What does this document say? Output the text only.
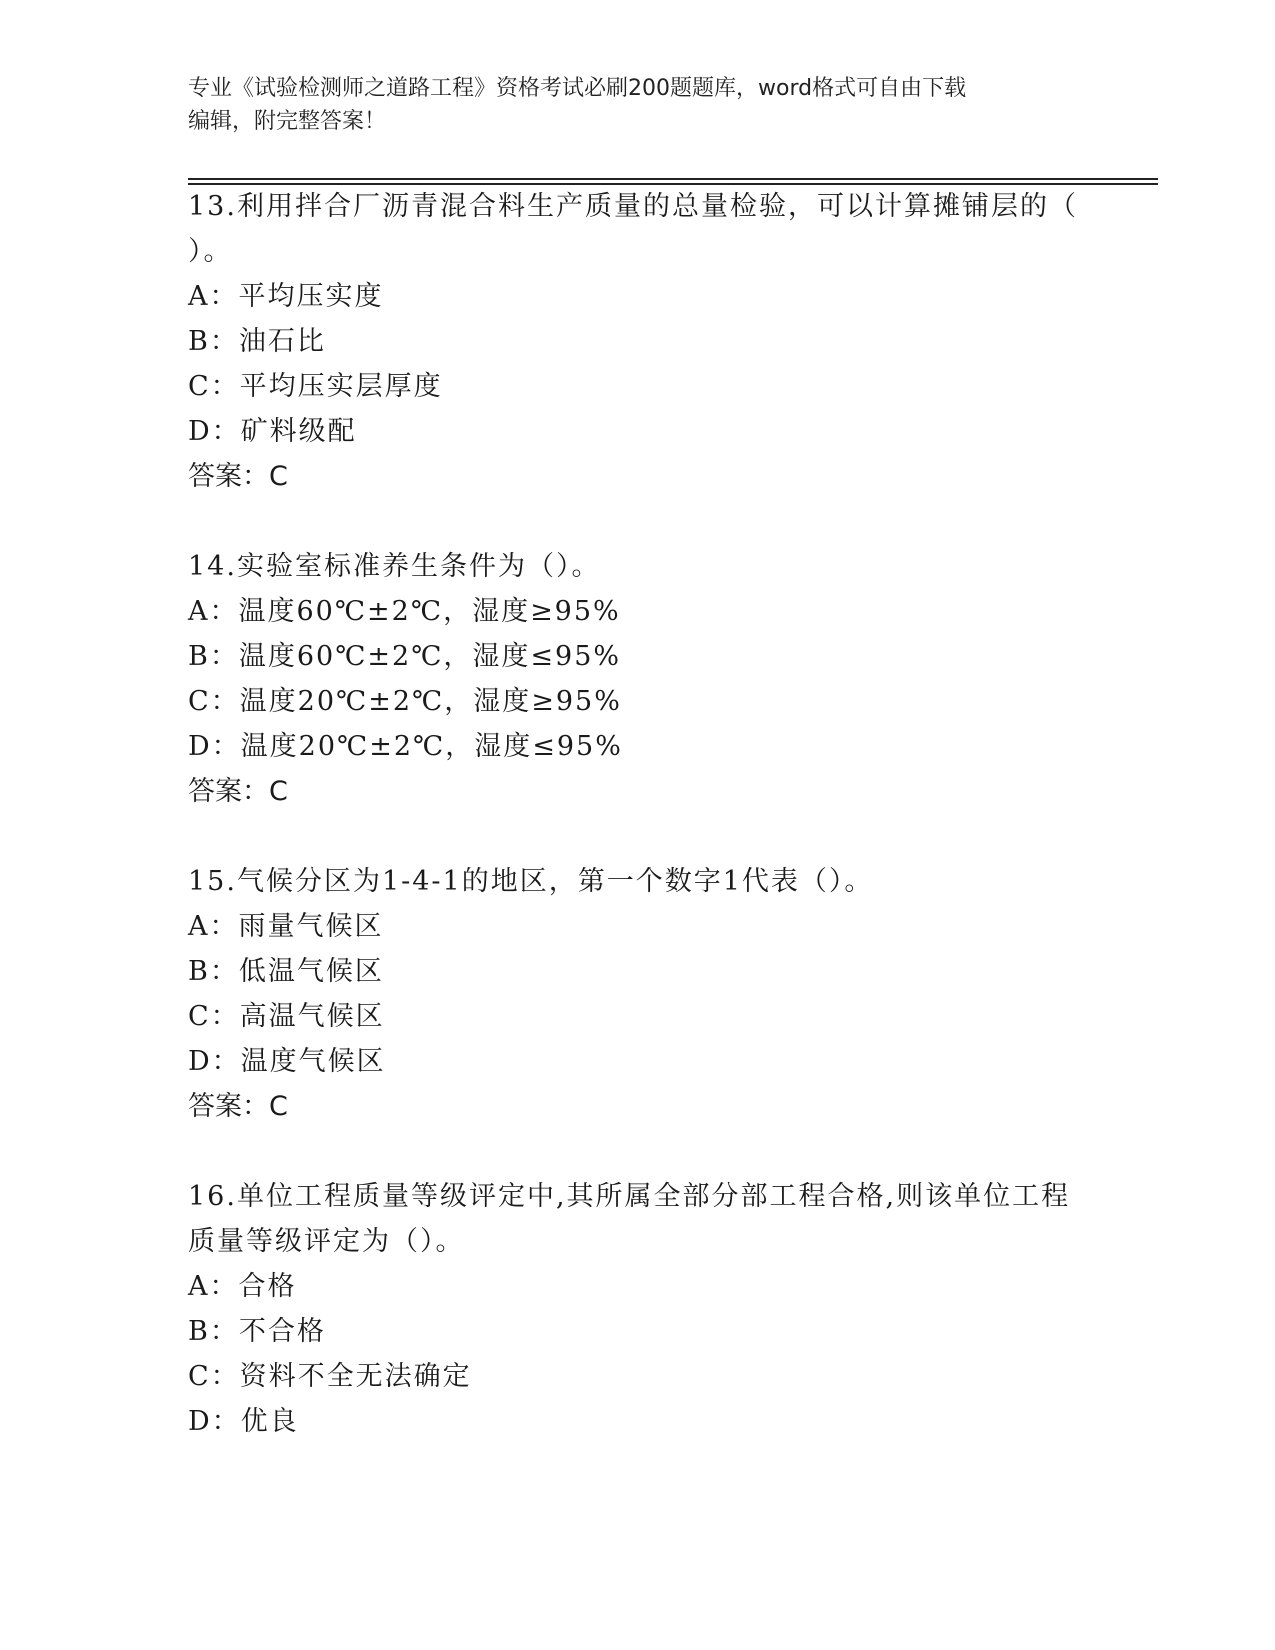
专业《试验检测师之道路工程》资格考试必刷200题题库，word格式可自由下载
编辑，附完整答案！
13.利用拌合厂沥青混合料生产质量的总量检验，可以计算摊铺层的（
）。
A：平均压实度
B：油石比
C：平均压实层厚度
D：矿料级配
答案：C
14.实验室标准养生条件为（）。
A：温度60℃±2℃，湿度≥95%
B：温度60℃±2℃，湿度≤95%
C：温度20℃±2℃，湿度≥95%
D：温度20℃±2℃，湿度≤95%
答案：C
15.气候分区为1-4-1的地区，第一个数字1代表（）。
A：雨量气候区
B：低温气候区
C：高温气候区
D：温度气候区
答案：C
16.单位工程质量等级评定中,其所属全部分部工程合格,则该单位工程
质量等级评定为（）。
A：合格
B：不合格
C：资料不全无法确定
D：优良
